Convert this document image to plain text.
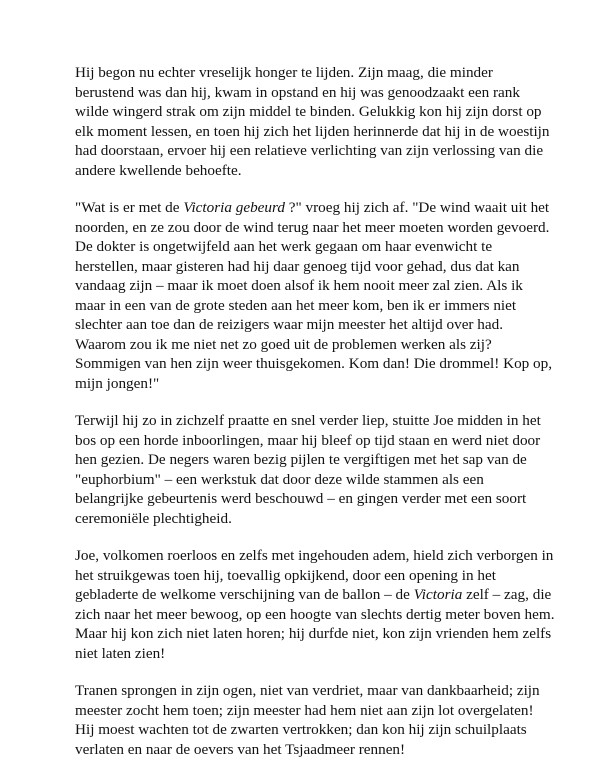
Hij begon nu echter vreselijk honger te lijden. Zijn maag, die minder berustend was dan hij, kwam in opstand en hij was genoodzaakt een rank wilde wingerd strak om zijn middel te binden. Gelukkig kon hij zijn dorst op elk moment lessen, en toen hij zich het lijden herinnerde dat hij in de woestijn had doorstaan, ervoer hij een relatieve verlichting van zijn verlossing van die andere kwellende behoefte.

"Wat is er met de Victoria gebeurd ?" vroeg hij zich af. "De wind waait uit het noorden, en ze zou door de wind terug naar het meer moeten worden gevoerd. De dokter is ongetwijfeld aan het werk gegaan om haar evenwicht te herstellen, maar gisteren had hij daar genoeg tijd voor gehad, dus dat kan vandaag zijn – maar ik moet doen alsof ik hem nooit meer zal zien. Als ik maar in een van de grote steden aan het meer kom, ben ik er immers niet slechter aan toe dan de reizigers waar mijn meester het altijd over had. Waarom zou ik me niet net zo goed uit de problemen werken als zij? Sommigen van hen zijn weer thuisgekomen. Kom dan! Die drommel! Kop op, mijn jongen!"

Terwijl hij zo in zichzelf praatte en snel verder liep, stuitte Joe midden in het bos op een horde inboorlingen, maar hij bleef op tijd staan en werd niet door hen gezien. De negers waren bezig pijlen te vergiftigen met het sap van de "euphorbium" – een werkstuk dat door deze wilde stammen als een belangrijke gebeurtenis werd beschouwd – en gingen verder met een soort ceremoniële plechtigheid.

Joe, volkomen roerloos en zelfs met ingehouden adem, hield zich verborgen in het struikgewas toen hij, toevallig opkijkend, door een opening in het gebladerte de welkome verschijning van de ballon – de Victoria zelf – zag, die zich naar het meer bewoog, op een hoogte van slechts dertig meter boven hem. Maar hij kon zich niet laten horen; hij durfde niet, kon zijn vrienden hem zelfs niet laten zien!

Tranen sprongen in zijn ogen, niet van verdriet, maar van dankbaarheid; zijn meester zocht hem toen; zijn meester had hem niet aan zijn lot overgelaten! Hij moest wachten tot de zwarten vertrokken; dan kon hij zijn schuilplaats verlaten en naar de oevers van het Tsjaadmeer rennen!
